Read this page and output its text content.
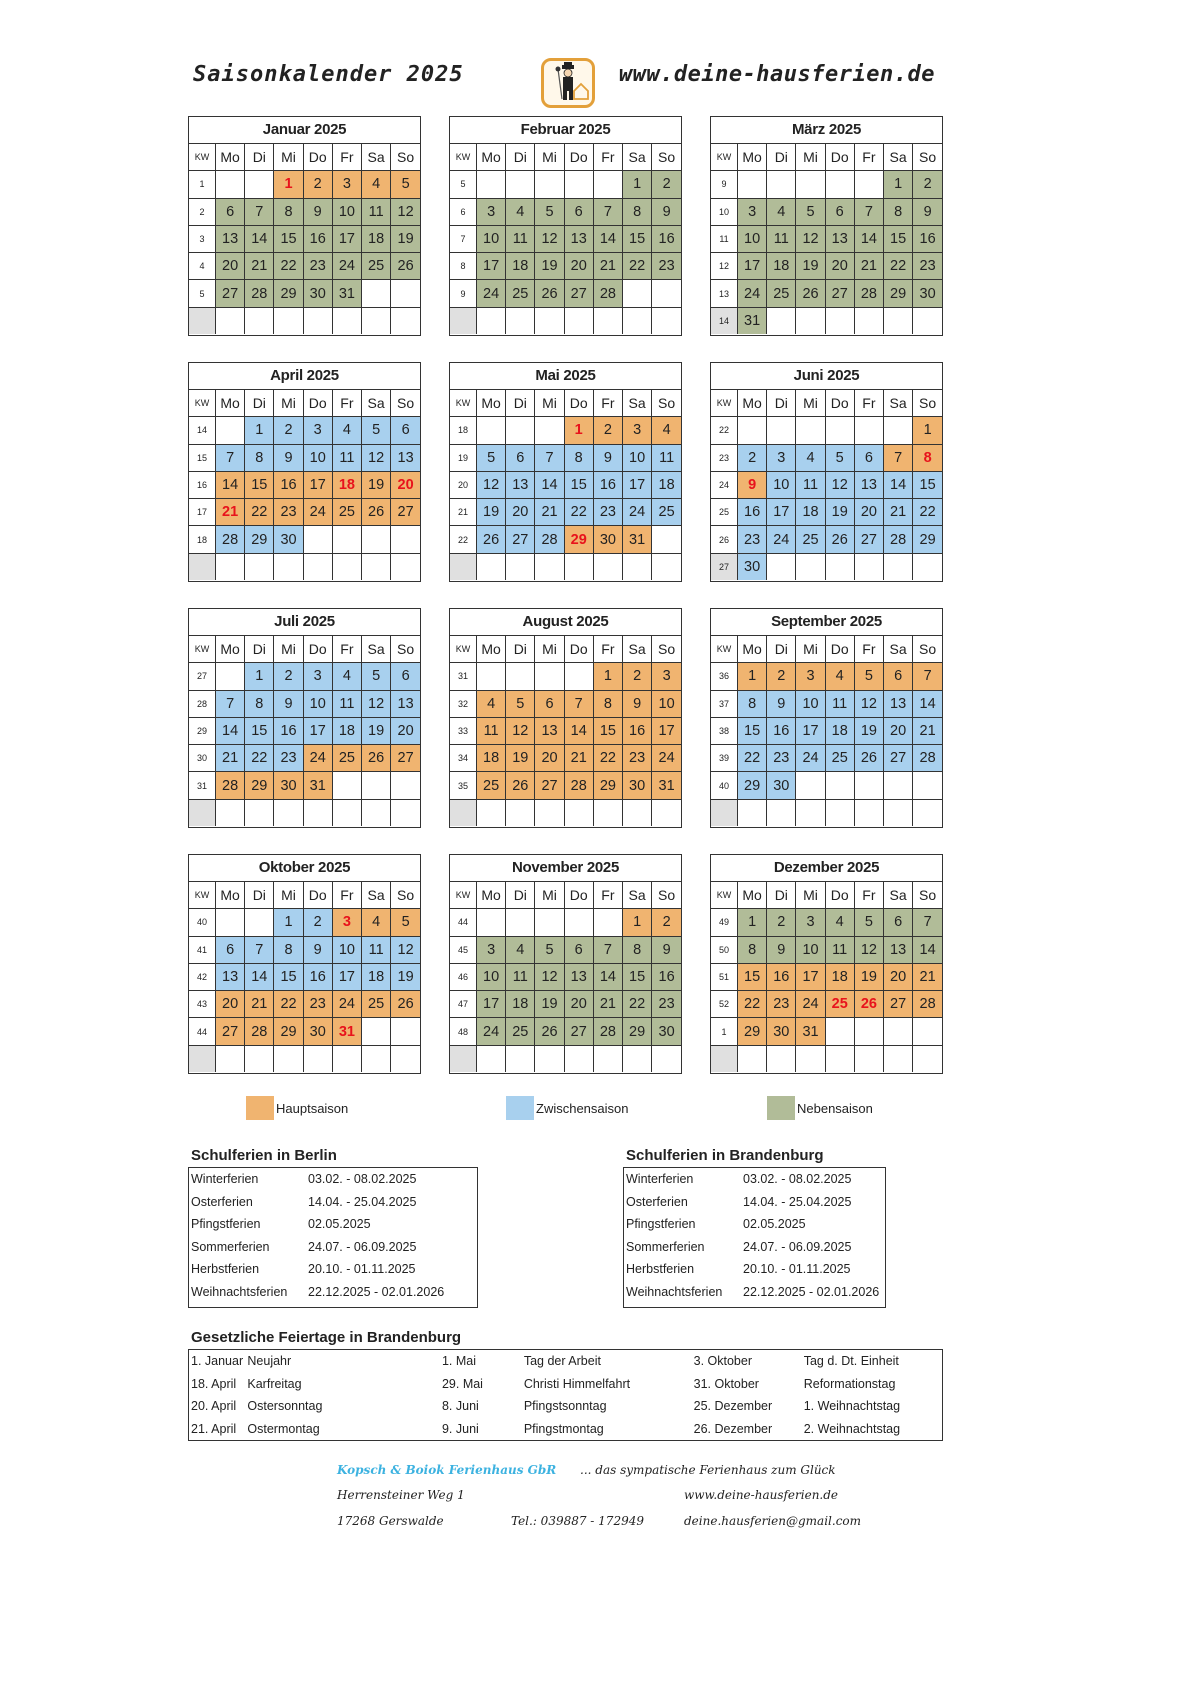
Saisonkalender 2025	www.deine-hausferien.de
Januar 2025
KW	Mo	Di	Mi	Do	Fr	Sa	So
1			1	2	3	4	5
2	6	7	8	9	10	11	12
3	13	14	15	16	17	18	19
4	20	21	22	23	24	25	26
5	27	28	29	30	31		

Februar 2025
KW	Mo	Di	Mi	Do	Fr	Sa	So
5						1	2
6	3	4	5	6	7	8	9
7	10	11	12	13	14	15	16
8	17	18	19	20	21	22	23
9	24	25	26	27	28		

März 2025
KW	Mo	Di	Mi	Do	Fr	Sa	So
9						1	2
10	3	4	5	6	7	8	9
11	10	11	12	13	14	15	16
12	17	18	19	20	21	22	23
13	24	25	26	27	28	29	30
14	31						
April 2025
KW	Mo	Di	Mi	Do	Fr	Sa	So
14		1	2	3	4	5	6
15	7	8	9	10	11	12	13
16	14	15	16	17	18	19	20
17	21	22	23	24	25	26	27
18	28	29	30				

Mai 2025
KW	Mo	Di	Mi	Do	Fr	Sa	So
18				1	2	3	4
19	5	6	7	8	9	10	11
20	12	13	14	15	16	17	18
21	19	20	21	22	23	24	25
22	26	27	28	29	30	31	

Juni 2025
KW	Mo	Di	Mi	Do	Fr	Sa	So
22							1
23	2	3	4	5	6	7	8
24	9	10	11	12	13	14	15
25	16	17	18	19	20	21	22
26	23	24	25	26	27	28	29
27	30						
Juli 2025
KW	Mo	Di	Mi	Do	Fr	Sa	So
27		1	2	3	4	5	6
28	7	8	9	10	11	12	13
29	14	15	16	17	18	19	20
30	21	22	23	24	25	26	27
31	28	29	30	31			

August 2025
KW	Mo	Di	Mi	Do	Fr	Sa	So
31					1	2	3
32	4	5	6	7	8	9	10
33	11	12	13	14	15	16	17
34	18	19	20	21	22	23	24
35	25	26	27	28	29	30	31

September 2025
KW	Mo	Di	Mi	Do	Fr	Sa	So
36	1	2	3	4	5	6	7
37	8	9	10	11	12	13	14
38	15	16	17	18	19	20	21
39	22	23	24	25	26	27	28
40	29	30					

Oktober 2025
KW	Mo	Di	Mi	Do	Fr	Sa	So
40			1	2	3	4	5
41	6	7	8	9	10	11	12
42	13	14	15	16	17	18	19
43	20	21	22	23	24	25	26
44	27	28	29	30	31		

November 2025
KW	Mo	Di	Mi	Do	Fr	Sa	So
44						1	2
45	3	4	5	6	7	8	9
46	10	11	12	13	14	15	16
47	17	18	19	20	21	22	23
48	24	25	26	27	28	29	30

Dezember 2025
KW	Mo	Di	Mi	Do	Fr	Sa	So
49	1	2	3	4	5	6	7
50	8	9	10	11	12	13	14
51	15	16	17	18	19	20	21
52	22	23	24	25	26	27	28
1	29	30	31				

Hauptsaison	Zwischensaison	Nebensaison
Schulferien in Berlin
Winterferien	03.02. - 08.02.2025
Osterferien	14.04. - 25.04.2025
Pfingstferien	02.05.2025
Sommerferien	24.07. - 06.09.2025
Herbstferien	20.10. - 01.11.2025
Weihnachtsferien	22.12.2025 - 02.01.2026
Schulferien in Brandenburg
Winterferien	03.02. - 08.02.2025
Osterferien	14.04. - 25.04.2025
Pfingstferien	02.05.2025
Sommerferien	24.07. - 06.09.2025
Herbstferien	20.10. - 01.11.2025
Weihnachtsferien	22.12.2025 - 02.01.2026
Gesetzliche Feiertage in Brandenburg
1. Januar	Neujahr	1. Mai	Tag der Arbeit	3. Oktober	Tag d. Dt. Einheit
18. April	Karfreitag	29. Mai	Christi Himmelfahrt	31. Oktober	Reformationstag
20. April	Ostersonntag	8. Juni	Pfingstsonntag	25. Dezember	1. Weihnachtstag
21. April	Ostermontag	9. Juni	Pfingstmontag	26. Dezember	2. Weihnachtstag
Kopsch & Boiok Ferienhaus GbR ... das sympatische Ferienhaus zum Glück
Herrensteiner Weg 1	www.deine-hausferien.de
17268 Gerswalde	Tel.: 039887 - 172949	deine.hausferien@gmail.com
